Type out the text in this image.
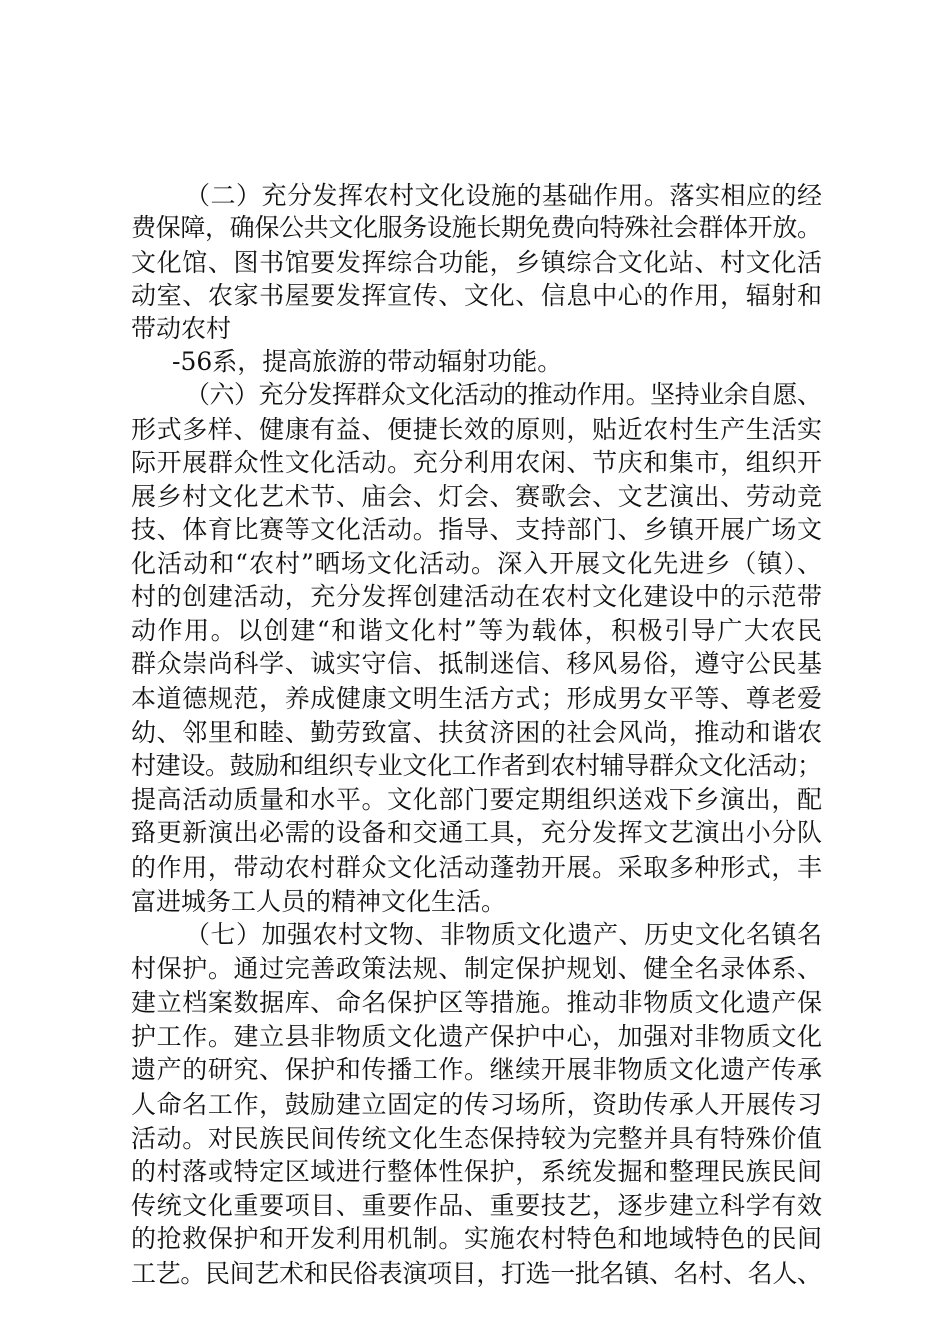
（二）充分发挥农村文化设施的基础作用。落实相应的经
费保障，确保公共文化服务设施长期免费向特殊社会群体开放。
文化馆、图书馆要发挥综合功能，乡镇综合文化站、村文化活
动室、农家书屋要发挥宣传、文化、信息中心的作用，辐射和
带动农村
-56系，提高旅游的带动辐射功能。
（六）充分发挥群众文化活动的推动作用。坚持业余自愿、
形式多样、健康有益、便捷长效的原则，贴近农村生产生活实
际开展群众性文化活动。充分利用农闲、节庆和集市，组织开
展乡村文化艺术节、庙会、灯会、赛歌会、文艺演出、劳动竞
技、体育比赛等文化活动。指导、支持部门、乡镇开展广场文
化活动和“农村”晒场文化活动。深入开展文化先进乡（镇）、
村的创建活动，充分发挥创建活动在农村文化建设中的示范带
动作用。以创建“和谐文化村”等为载体，积极引导广大农民
群众崇尚科学、诚实守信、抵制迷信、移风易俗，遵守公民基
本道德规范，养成健康文明生活方式；形成男女平等、尊老爱
幼、邻里和睦、勤劳致富、扶贫济困的社会风尚，推动和谐农
村建设。鼓励和组织专业文化工作者到农村辅导群众文化活动；
提高活动质量和水平。文化部门要定期组织送戏下乡演出，配
臵更新演出必需的设备和交通工具，充分发挥文艺演出小分队
的作用，带动农村群众文化活动蓬勃开展。采取多种形式，丰
富进城务工人员的精神文化生活。
（七）加强农村文物、非物质文化遗产、历史文化名镇名
村保护。通过完善政策法规、制定保护规划、健全名录体系、
建立档案数据库、命名保护区等措施。推动非物质文化遗产保
护工作。建立县非物质文化遗产保护中心，加强对非物质文化
遗产的研究、保护和传播工作。继续开展非物质文化遗产传承
人命名工作，鼓励建立固定的传习场所，资助传承人开展传习
活动。对民族民间传统文化生态保持较为完整并具有特殊价值
的村落或特定区域进行整体性保护，系统发掘和整理民族民间
传统文化重要项目、重要作品、重要技艺，逐步建立科学有效
的抢救保护和开发利用机制。实施农村特色和地域特色的民间
工艺。民间艺术和民俗表演项目，打选一批名镇、名村、名人、
